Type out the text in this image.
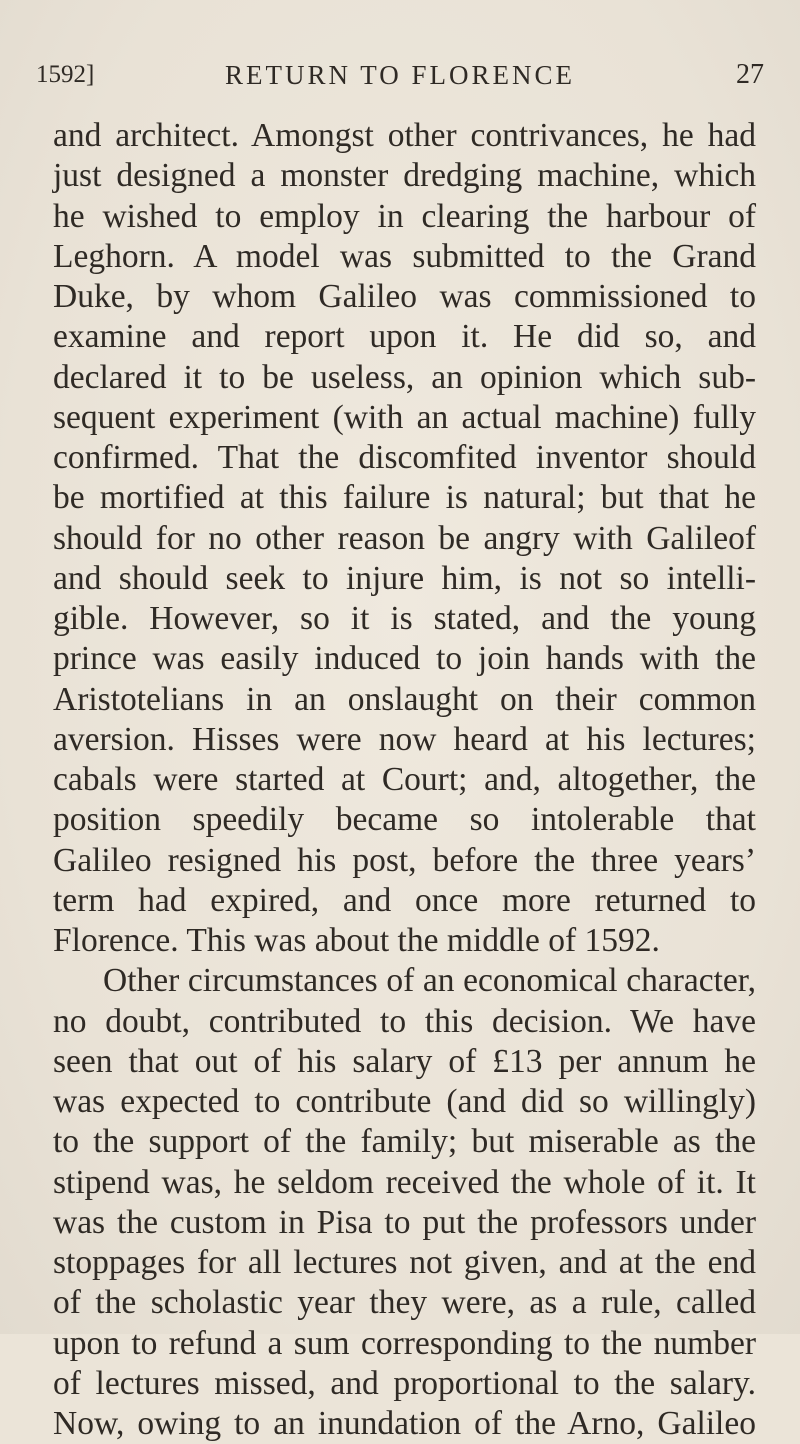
1592]	RETURN TO FLORENCE	27
and architect. Amongst other contrivances, he had
just designed a monster dredging machine, which
he wished to employ in clearing the harbour of
Leghorn. A model was submitted to the Grand
Duke, by whom Galileo was commissioned to
examine and report upon it. He did so, and
declared it to be useless, an opinion which sub-
sequent experiment (with an actual machine) fully
confirmed. That the discomfited inventor should
be mortified at this failure is natural; but that he
should for no other reason be angry with Galileof
and should seek to injure him, is not so intelli-
gible. However, so it is stated, and the young
prince was easily induced to join hands with the
Aristotelians in an onslaught on their common
aversion. Hisses were now heard at his lectures;
cabals were started at Court; and, altogether, the
position speedily became so intolerable that
Galileo resigned his post, before the three years’
term had expired, and once more returned to
Florence. This was about the middle of 1592.
Other circumstances of an economical character,
no doubt, contributed to this decision. We have
seen that out of his salary of £13 per annum he
was expected to contribute (and did so willingly)
to the support of the family; but miserable as the
stipend was, he seldom received the whole of it. It
was the custom in Pisa to put the professors under
stoppages for all lectures not given, and at the end
of the scholastic year they were, as a rule, called
upon to refund a sum corresponding to the number
of lectures missed, and proportional to the salary.
Now, owing to an inundation of the Arno, Galileo
